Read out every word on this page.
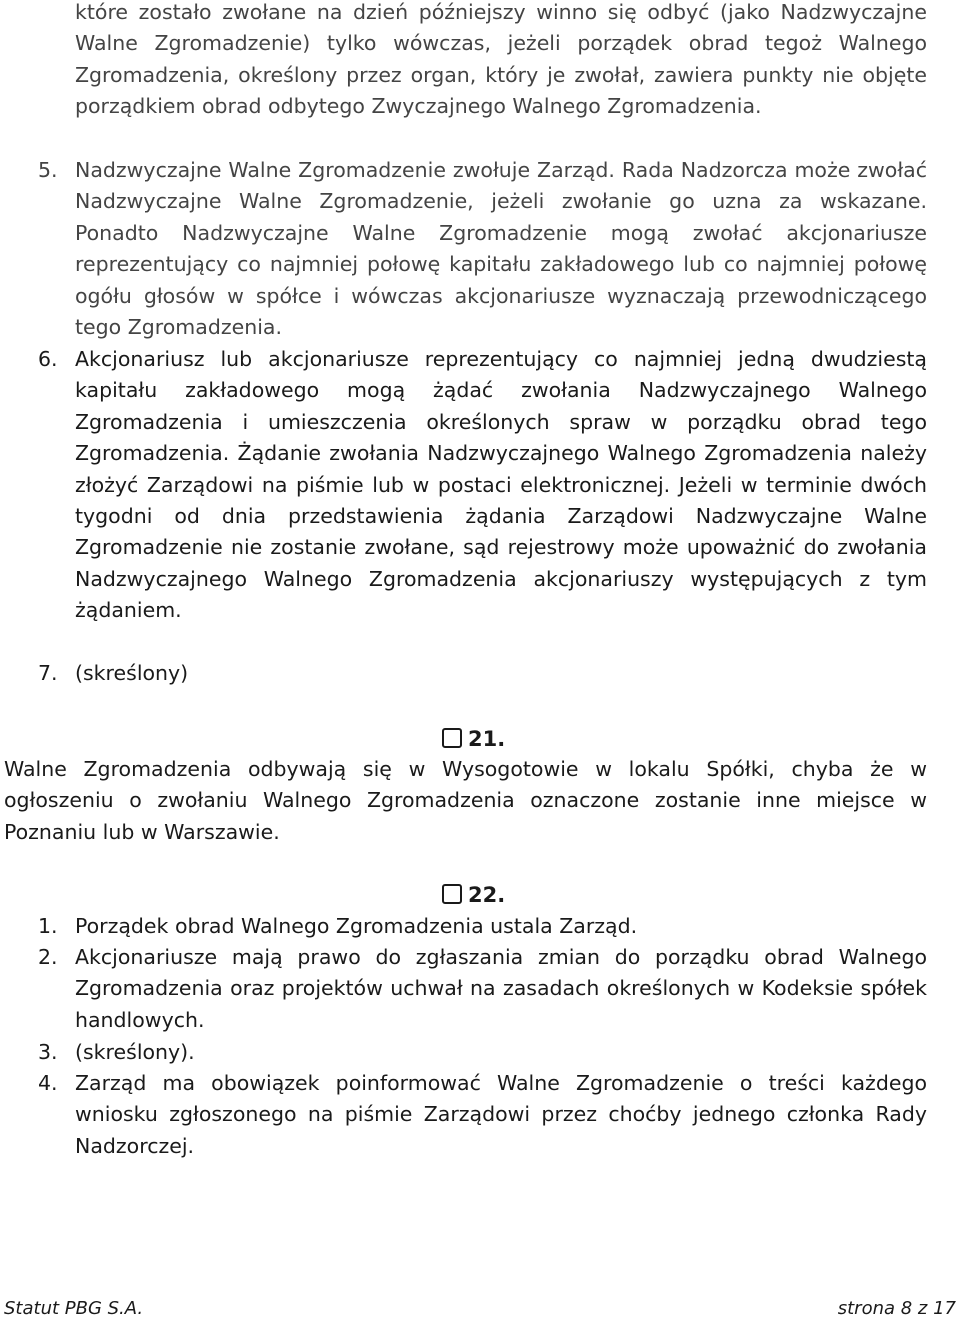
które zostało zwołane na dzień późniejszy winno się odbyć (jako Nadzwyczajne Walne Zgromadzenie) tylko wówczas, jeżeli porządek obrad tegoż Walnego Zgromadzenia, określony przez organ, który je zwołał, zawiera punkty nie objęte porządkiem obrad odbytego Zwyczajnego Walnego Zgromadzenia.

5. Nadzwyczajne Walne Zgromadzenie zwołuje Zarząd. Rada Nadzorcza może zwołać Nadzwyczajne Walne Zgromadzenie, jeżeli zwołanie go uzna za wskazane. Ponadto Nadzwyczajne Walne Zgromadzenie mogą zwołać akcjonariusze reprezentujący co najmniej połowę kapitału zakładowego lub co najmniej połowę ogółu głosów w spółce i wówczas akcjonariusze wyznaczają przewodniczącego tego Zgromadzenia.
6. Akcjonariusz lub akcjonariusze reprezentujący co najmniej jedną dwudziestą kapitału zakładowego mogą żądać zwołania Nadzwyczajnego Walnego Zgromadzenia i umieszczenia określonych spraw w porządku obrad tego Zgromadzenia. Żądanie zwołania Nadzwyczajnego Walnego Zgromadzenia należy złożyć Zarządowi na piśmie lub w postaci elektronicznej. Jeżeli w terminie dwóch tygodni od dnia przedstawienia żądania Zarządowi Nadzwyczajne Walne Zgromadzenie nie zostanie zwołane, sąd rejestrowy może upoważnić do zwołania Nadzwyczajnego Walnego Zgromadzenia akcjonariuszy występujących z tym żądaniem.
7. (skreślony)
21.

Walne Zgromadzenia odbywają się w Wysogotowie w lokalu Spółki, chyba że w ogłoszeniu o zwołaniu Walnego Zgromadzenia oznaczone zostanie inne miejsce w Poznaniu lub w Warszawie.

22.
1. Porządek obrad Walnego Zgromadzenia ustala Zarząd.
2. Akcjonariusze mają prawo do zgłaszania zmian do porządku obrad Walnego Zgromadzenia oraz projektów uchwał na zasadach określonych w Kodeksie spółek handlowych.
3. (skreślony).
4. Zarząd ma obowiązek poinformować Walne Zgromadzenie o treści każdego wniosku zgłoszonego na piśmie Zarządowi przez choćby jednego członka Rady Nadzorczej.
Statut PBG S.A.	strona 8 z 17
